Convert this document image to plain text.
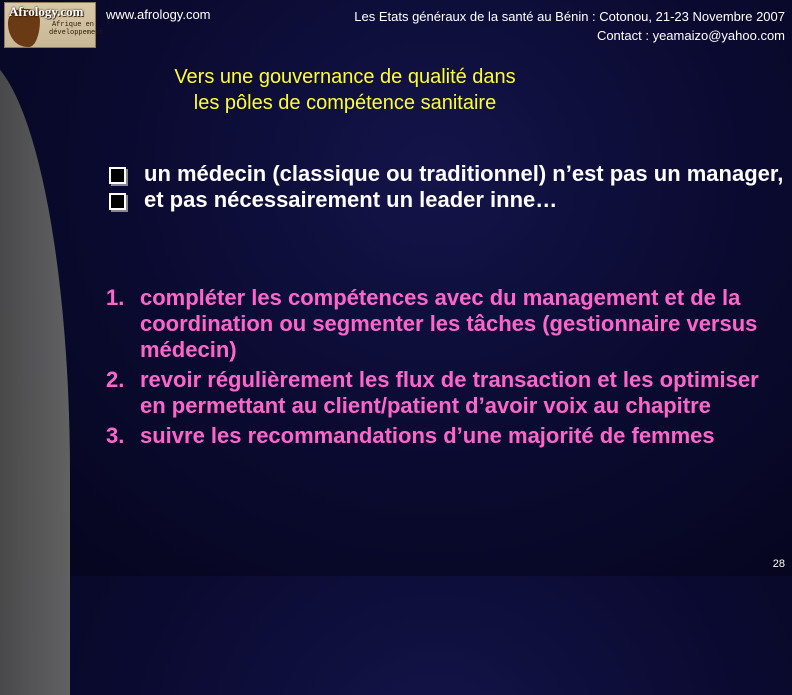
Afrology.com
Afrique en développement
www.afrology.com	Les Etats généraux de la santé au Bénin : Cotonou, 21-23 Novembre 2007
Contact : yeamaizo@yahoo.com
Vers une gouvernance de qualité dans
les pôles de compétence sanitaire
un médecin (classique ou traditionnel) n’est pas un manager,
et pas nécessairement un leader inne…
1. compléter les compétences avec du management et de la coordination ou segmenter les tâches (gestionnaire versus médecin)
2. revoir régulièrement les flux de transaction et les optimiser en permettant au client/patient d’avoir voix au chapitre
3. suivre les recommandations d’une majorité de femmes
28
